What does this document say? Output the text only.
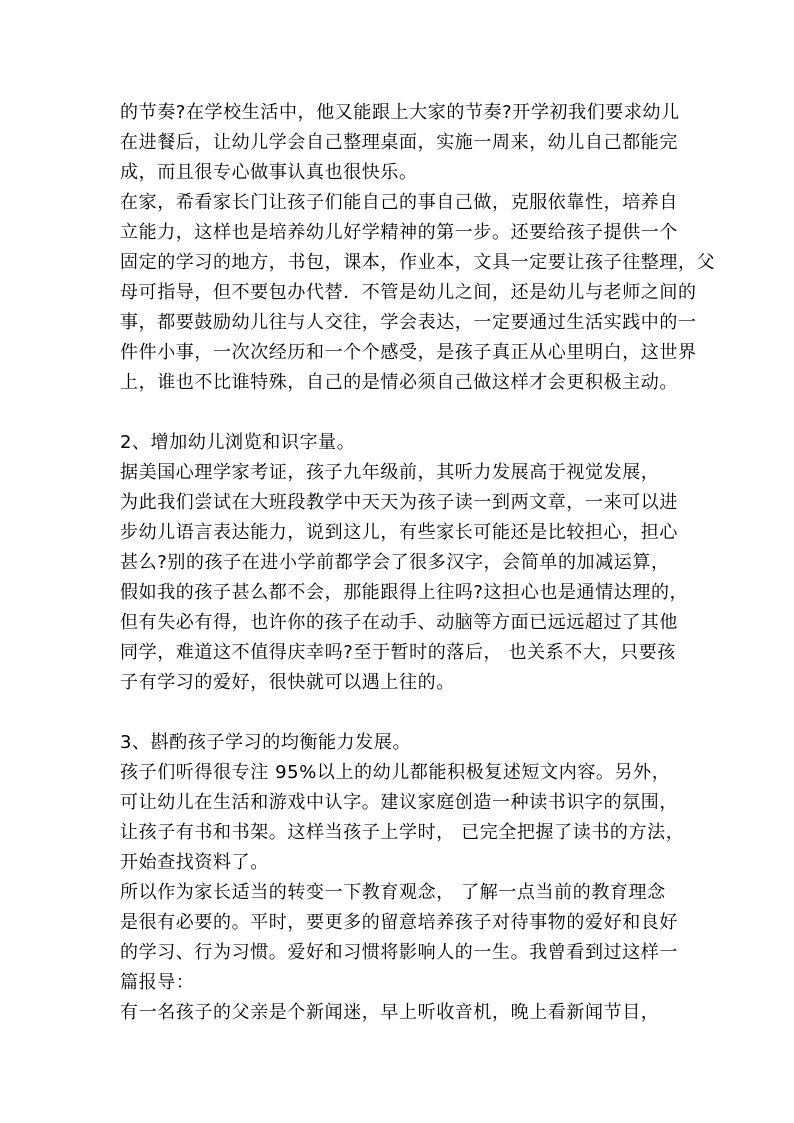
的节奏?在学校生活中，他又能跟上大家的节奏?开学初我们要求幼儿
在进餐后，让幼儿学会自己整理桌面，实施一周来，幼儿自己都能完
成，而且很专心做事认真也很快乐。
在家，希看家长门让孩子们能自己的事自己做，克服依靠性，培养自
立能力，这样也是培养幼儿好学精神的第一步。还要给孩子提供一个
固定的学习的地方，书包，课本，作业本，文具一定要让孩子往整理，父
母可指导，但不要包办代替．不管是幼儿之间，还是幼儿与老师之间的
事，都要鼓励幼儿往与人交往，学会表达，一定要通过生活实践中的一
件件小事，一次次经历和一个个感受，是孩子真正从心里明白，这世界
上，谁也不比谁特殊，自己的是情必须自己做这样才会更积极主动。
2、增加幼儿浏览和识字量。
据美国心理学家考证，孩子九年级前，其听力发展高于视觉发展，
为此我们尝试在大班段教学中天天为孩子读一到两文章，一来可以进
步幼儿语言表达能力，说到这儿，有些家长可能还是比较担心，担心
甚么?别的孩子在进小学前都学会了很多汉字，会简单的加减运算，
假如我的孩子甚么都不会，那能跟得上往吗?这担心也是通情达理的，
但有失必有得，也许你的孩子在动手、动脑等方面已远远超过了其他
同学，难道这不值得庆幸吗?至于暂时的落后， 也关系不大，只要孩
子有学习的爱好，很快就可以遇上往的。
3、斟酌孩子学习的均衡能力发展。
孩子们听得很专注 95%以上的幼儿都能积极复述短文内容。另外，
可让幼儿在生活和游戏中认字。建议家庭创造一种读书识字的氛围，
让孩子有书和书架。这样当孩子上学时， 已完全把握了读书的方法，
开始查找资料了。
所以作为家长适当的转变一下教育观念， 了解一点当前的教育理念
是很有必要的。平时，要更多的留意培养孩子对待事物的爱好和良好
的学习、行为习惯。爱好和习惯将影响人的一生。我曾看到过这样一
篇报导：
有一名孩子的父亲是个新闻迷，早上听收音机，晚上看新闻节目，
